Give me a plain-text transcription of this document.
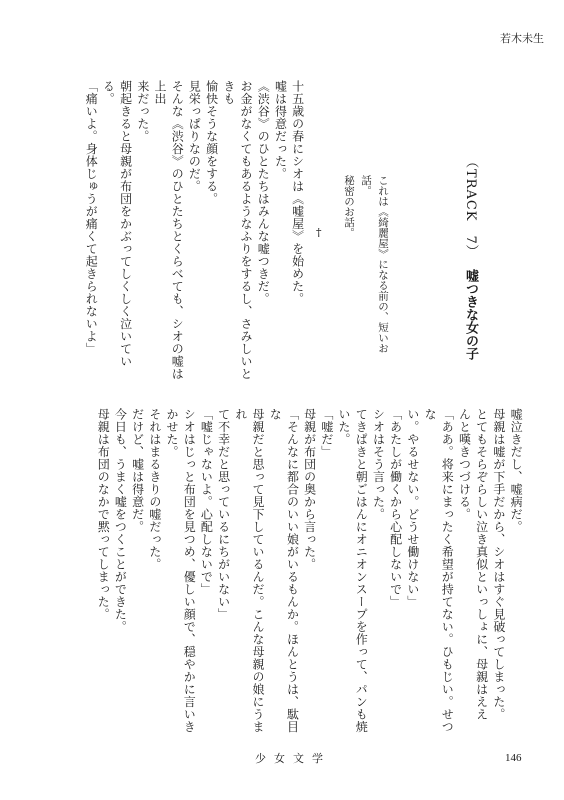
若木未生
（TRACK　7）嘘つきな女の子
これは《綺麗屋》になる前の、短いお話。
秘密のお話。
†
十五歳の春にシオは《嘘屋》を始めた。
嘘は得意だった。
《渋谷》のひとたちはみんな嘘つきだ。
お金がなくてもあるようなふりをするし、さみしいときも
愉快そうな顔をする。
見栄っぱりなのだ。
そんな《渋谷》のひとたちとくらべても、シオの嘘は上出
来だった。
朝起きると母親が布団をかぶってしくしく泣いている。
「痛いよ。身体じゅうが痛くて起きられないよ」
嘘泣きだし、嘘病だ。
母親は嘘が下手だから、シオはすぐ見破ってしまった。
とてもそらぞらしい泣き真似といっしょに、母親はええ
んと嘆きつづける。
「ああ。将来にまったく希望が持てない。ひもじい。せつな
い。やるせない。どうせ働けない」
「あたしが働くから心配しないで」
シオはそう言った。
てきぱきと朝ごはんにオニオンスープを作って、パンも焼
いた。
「嘘だ」
母親が布団の奥から言った。
「そんなに都合のいい娘がいるもんか。ほんとうは、駄目な
母親だと思って見下しているんだ。こんな母親の娘にうまれ
て不幸だと思っているにちがいない」
「嘘じゃないよ。心配しないで」
シオはじっと布団を見つめ、優しい顔で、穏やかに言いき
かせた。
それはまるきりの嘘だった。
だけど、嘘は得意だ。
今日も、うまく嘘をつくことができた。
母親は布団のなかで黙ってしまった。
少女文学	146
